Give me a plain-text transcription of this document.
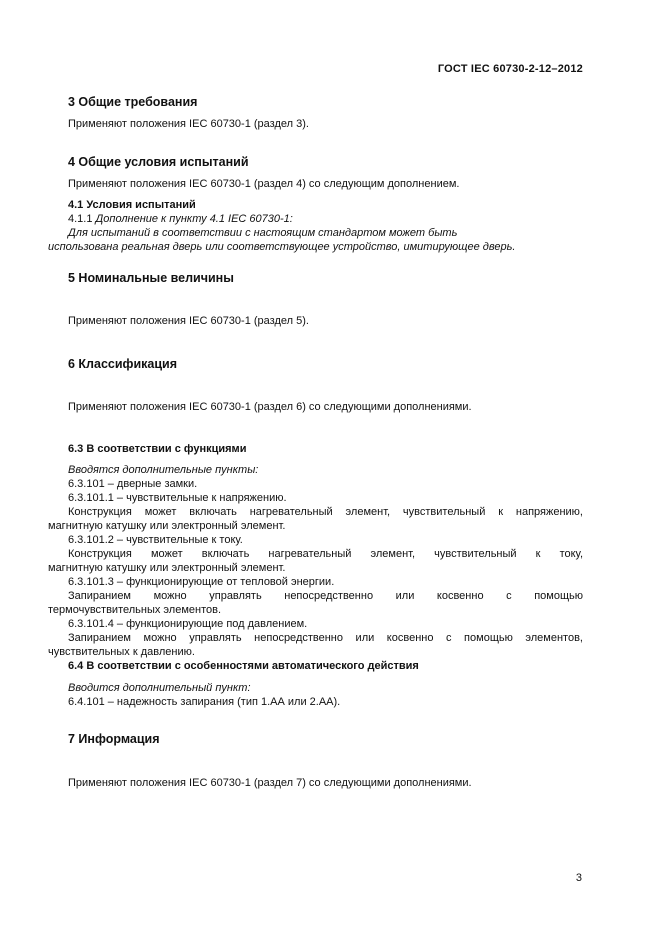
ГОСТ IEC 60730-2-12–2012
3 Общие требования
Применяют положения IEC 60730-1 (раздел 3).
4 Общие условия испытаний
Применяют положения IEC 60730-1 (раздел 4) со следующим дополнением.
4.1 Условия испытаний
4.1.1 Дополнение к пункту 4.1 IEC 60730-1:
Для испытаний в соответствии с настоящим стандартом может быть
использована реальная дверь или соответствующее устройство, имитирующее дверь.
5 Номинальные величины
Применяют положения IEC 60730-1 (раздел 5).
6 Классификация
Применяют положения IEC 60730-1 (раздел 6) со следующими дополнениями.
6.3 В соответствии с функциями
Вводятся дополнительные пункты:
6.3.101 – дверные замки.
6.3.101.1 – чувствительные к напряжению.
Конструкция может включать нагревательный элемент, чувствительный к напряжению,
магнитную катушку или электронный элемент.
6.3.101.2 – чувствительные к току.
Конструкция может включать нагревательный элемент, чувствительный к току,
магнитную катушку или электронный элемент.
6.3.101.3 – функционирующие от тепловой энергии.
Запиранием можно управлять непосредственно или косвенно с помощью
термочувствительных элементов.
6.3.101.4 – функционирующие под давлением.
Запиранием можно управлять непосредственно или косвенно с помощью элементов,
чувствительных к давлению.
6.4 В соответствии с особенностями автоматического действия
Вводится дополнительный пункт:
6.4.101 – надежность запирания (тип 1.АА или 2.АА).
7 Информация
Применяют положения IEC 60730-1 (раздел 7) со следующими дополнениями.
3
